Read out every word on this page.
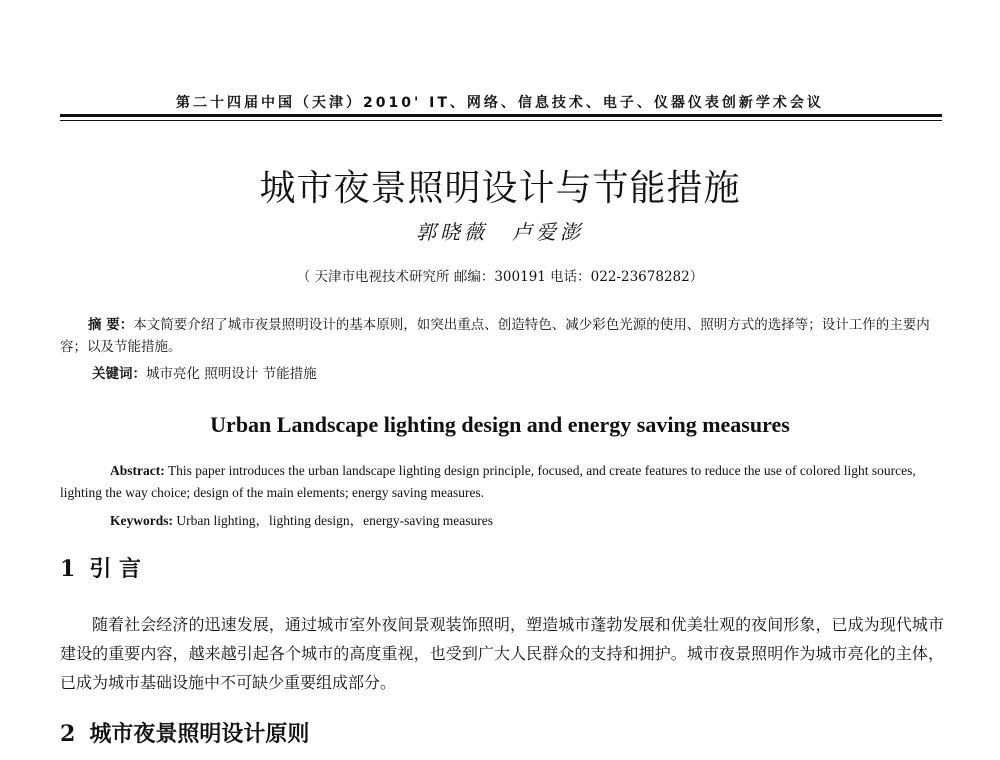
第二十四届中国（天津）2010' IT、网络、信息技术、电子、仪器仪表创新学术会议
城市夜景照明设计与节能措施
郭晓薇　卢爱澎
（ 天津市电视技术研究所 邮编：300191 电话：022-23678282）
摘 要：本文简要介绍了城市夜景照明设计的基本原则，如突出重点、创造特色、减少彩色光源的使用、照明方式的选择等；设计工作的主要内容；以及节能措施。
关键词：城市亮化 照明设计 节能措施
Urban Landscape lighting design and energy saving measures
Abstract: This paper introduces the urban landscape lighting design principle, focused, and create features to reduce the use of colored light sources, lighting the way choice; design of the main elements; energy saving measures.
Keywords: Urban lighting，lighting design，energy-saving measures
1 引 言
随着社会经济的迅速发展，通过城市室外夜间景观装饰照明，塑造城市蓬勃发展和优美壮观的夜间形象，已成为现代城市建设的重要内容，越来越引起各个城市的高度重视，也受到广大人民群众的支持和拥护。城市夜景照明作为城市亮化的主体，已成为城市基础设施中不可缺少重要组成部分。
2 城市夜景照明设计原则
